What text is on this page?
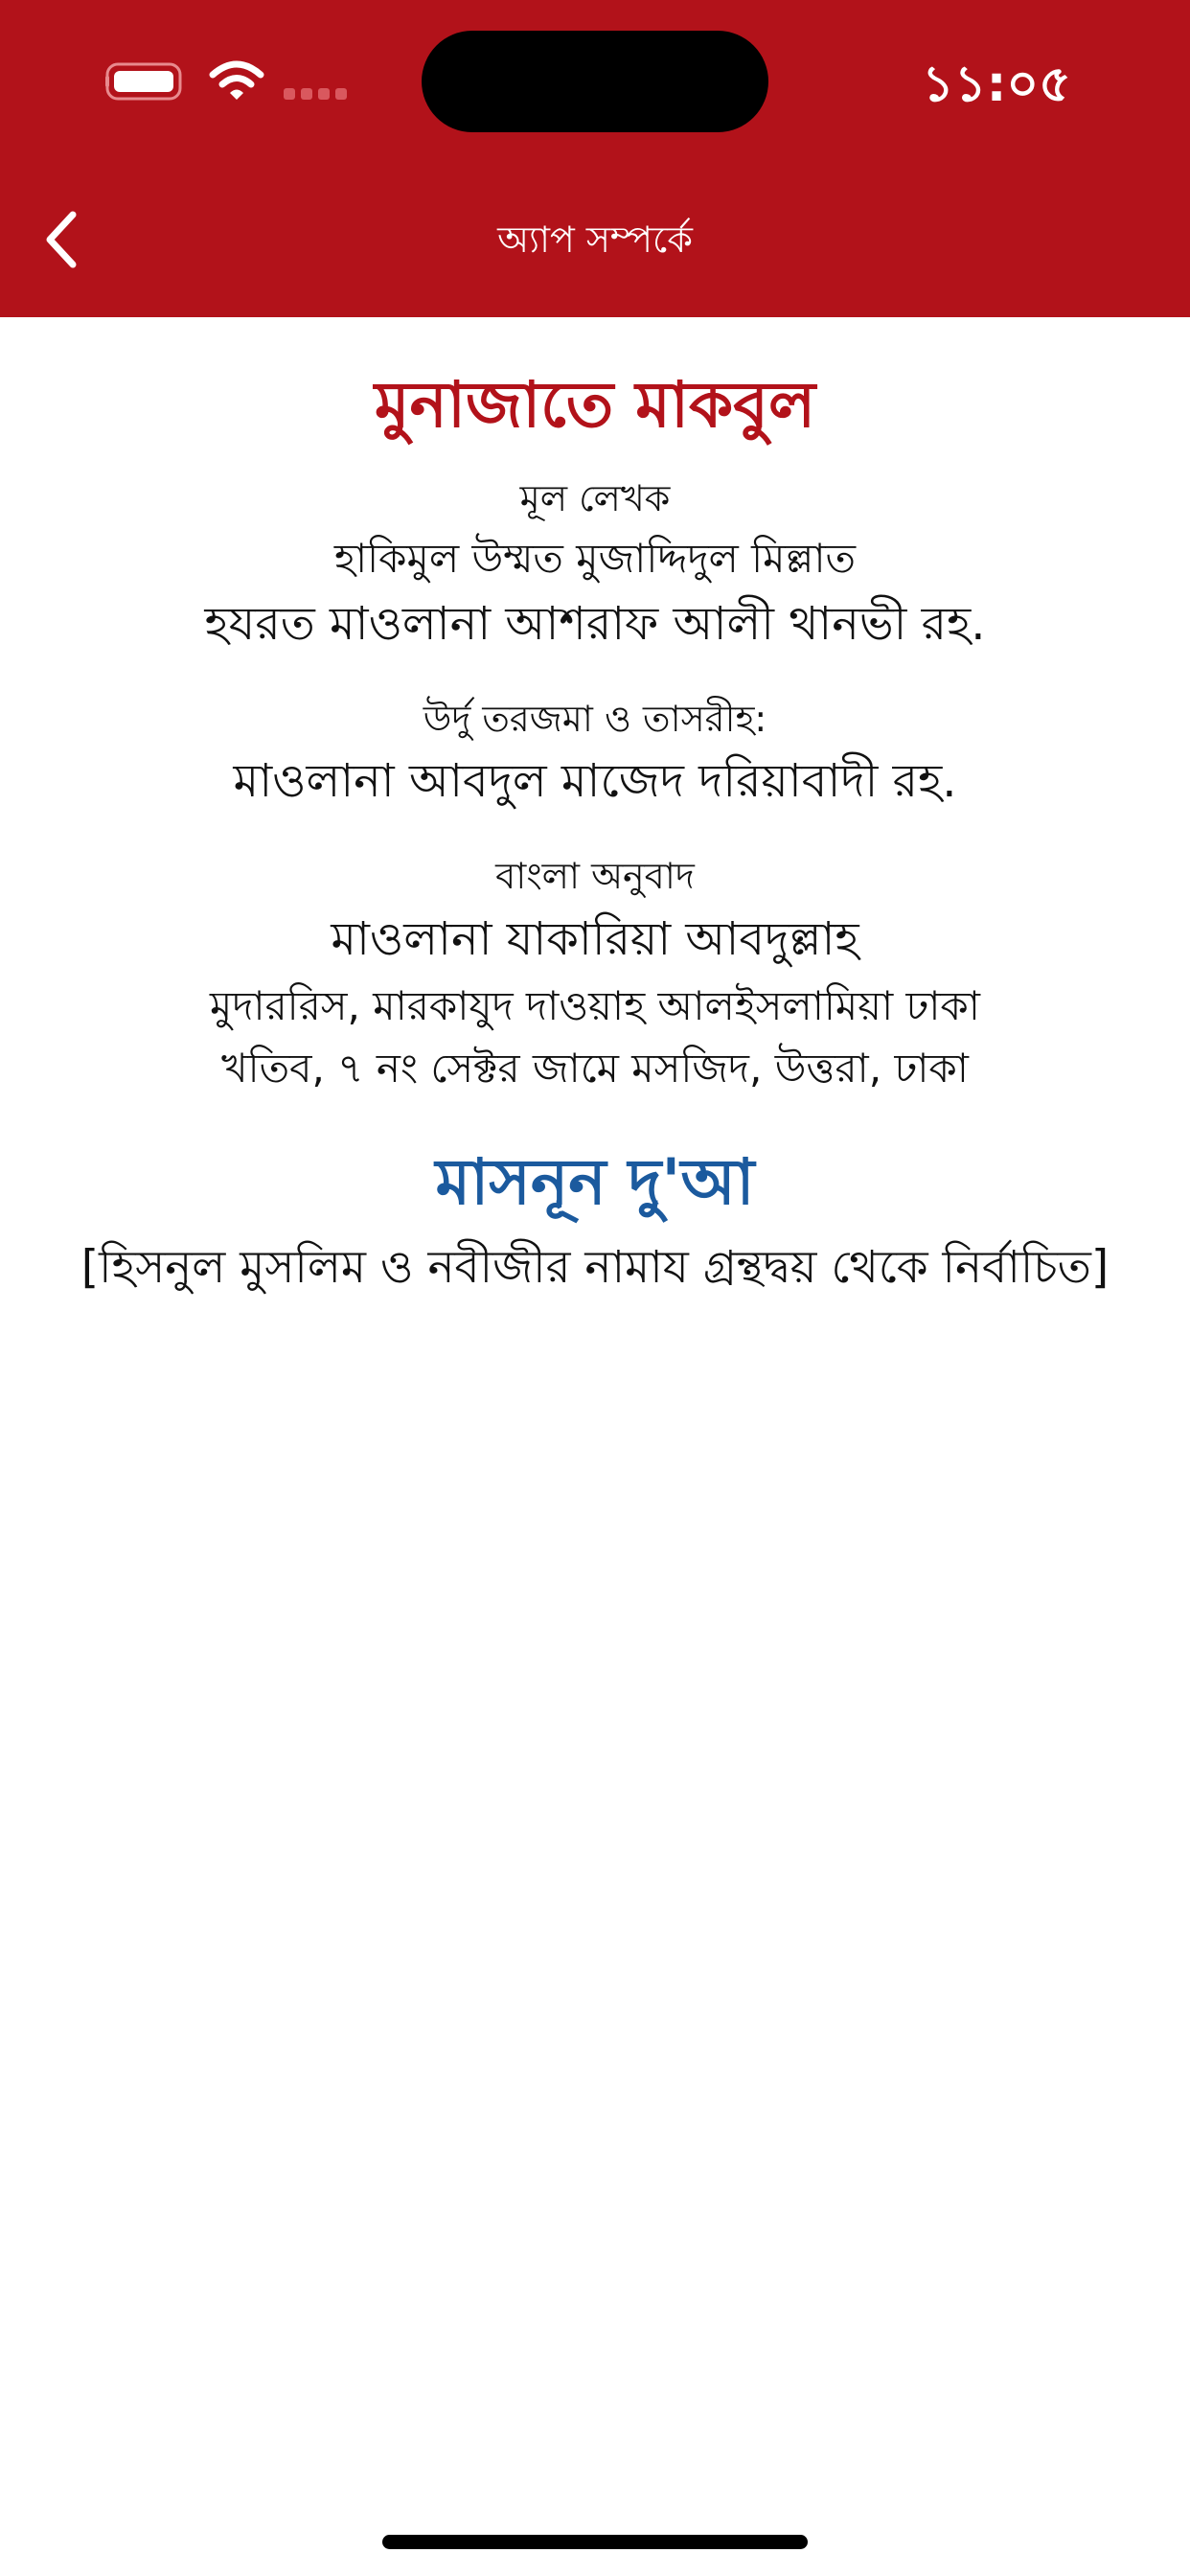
১১:০৫
অ্যাপ সম্পর্কে
মুনাজাতে মাকবুল
মূল লেখক
হাকিমুল উম্মত মুজাদ্দিদুল মিল্লাত
হযরত মাওলানা আশরাফ আলী থানভী রহ.
উর্দু তরজমা ও তাসরীহ:
মাওলানা আবদুল মাজেদ দরিয়াবাদী রহ.
বাংলা অনুবাদ
মাওলানা যাকারিয়া আবদুল্লাহ
মুদাররিস, মারকাযুদ দাওয়াহ আলইসলামিয়া ঢাকা
খতিব, ৭ নং সেক্টর জামে মসজিদ, উত্তরা, ঢাকা
মাসনূন দু'আ
[হিসনুল মুসলিম ও নবীজীর নামায গ্রন্থদ্বয় থেকে নির্বাচিত]
